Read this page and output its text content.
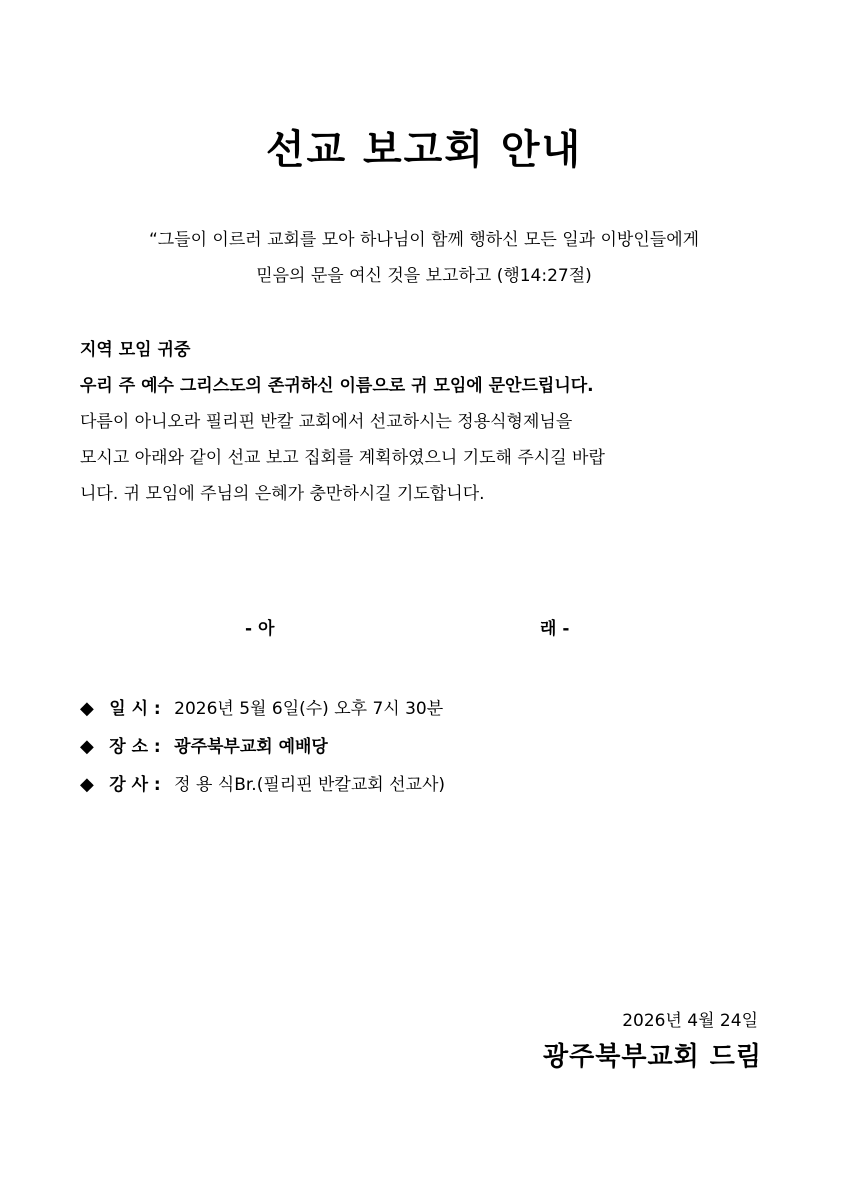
선교 보고회 안내
“그들이 이르러 교회를 모아 하나님이 함께 행하신 모든 일과 이방인들에게
믿음의 문을 여신 것을 보고하고 (행14:27절)
지역 모임 귀중
우리 주 예수 그리스도의 존귀하신 이름으로 귀 모임에 문안드립니다.
다름이 아니오라 필리핀 반칼 교회에서 선교하시는 정용식형제님을
모시고 아래와 같이 선교 보고 집회를 계획하였으니 기도해 주시길 바랍
니다. 귀 모임에 주님의 은혜가 충만하시길 기도합니다.
- 아	래 -
◆ 일 시 : 2026년 5월 6일(수) 오후 7시 30분
◆ 장 소 : 광주북부교회 예배당
◆ 강 사 : 정 용 식Br.(필리핀 반칼교회 선교사)
2026년 4월 24일
광주북부교회 드림
